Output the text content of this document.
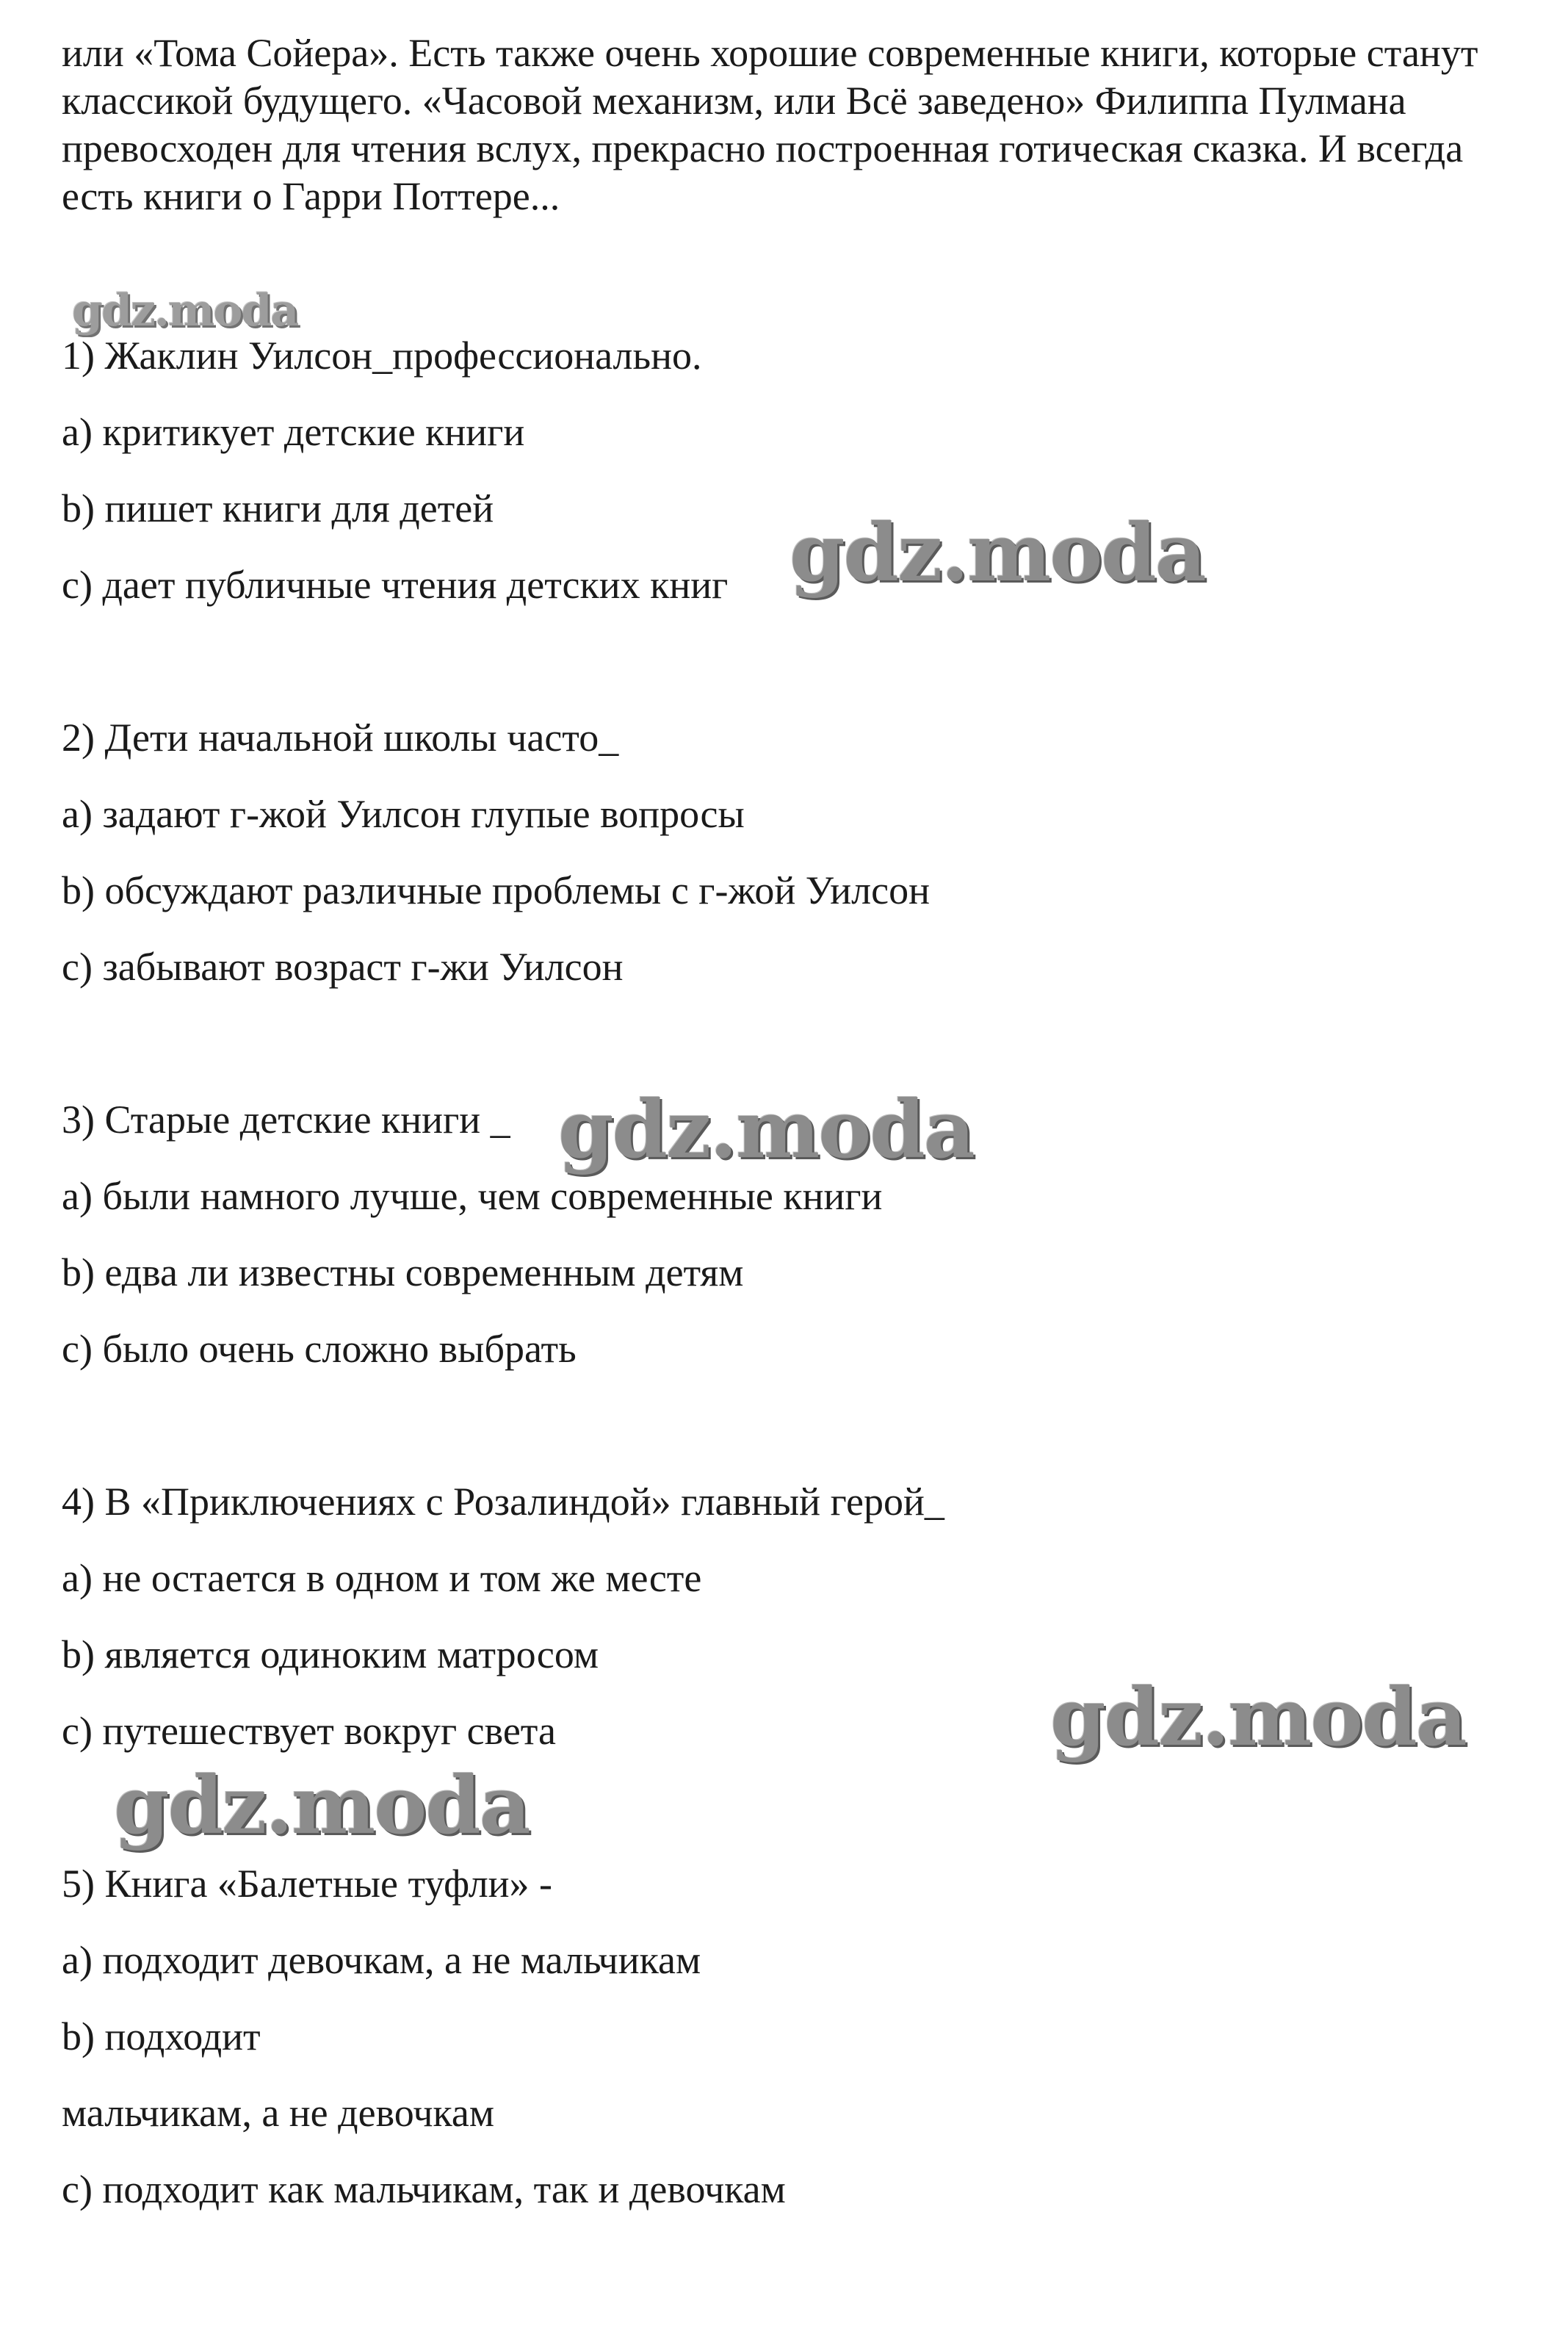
или «Тома Сойера». Есть также очень хорошие современные книги, которые станут классикой будущего. «Часовой механизм, или Всё заведено» Филиппа Пулмана превосходен для чтения вслух, прекрасно построенная готическая сказка. И всегда есть книги о Гарри Поттере...

1) Жаклин Уилсон_профессионально.

a) критикует детские книги

b) пишет книги для детей

c) дает публичные чтения детских книг

2) Дети начальной школы часто_

a) задают г-жой Уилсон глупые вопросы

b) обсуждают различные проблемы с г-жой Уилсон

c) забывают возраст г-жи Уилсон

3) Старые детские книги _

a) были намного лучше, чем современные книги

b) едва ли известны современным детям

c) было очень сложно выбрать

4) В «Приключениях с Розалиндой» главный герой_

a) не остается в одном и том же месте

b) является одиноким матросом

c) путешествует вокруг света

5) Книга «Балетные туфли» -

a) подходит девочкам, а не мальчикам

b) подходит

мальчикам, а не девочкам

c) подходит как мальчикам, так и девочкам

gdz.moda
gdz.moda
gdz.moda
gdz.moda
gdz.moda
